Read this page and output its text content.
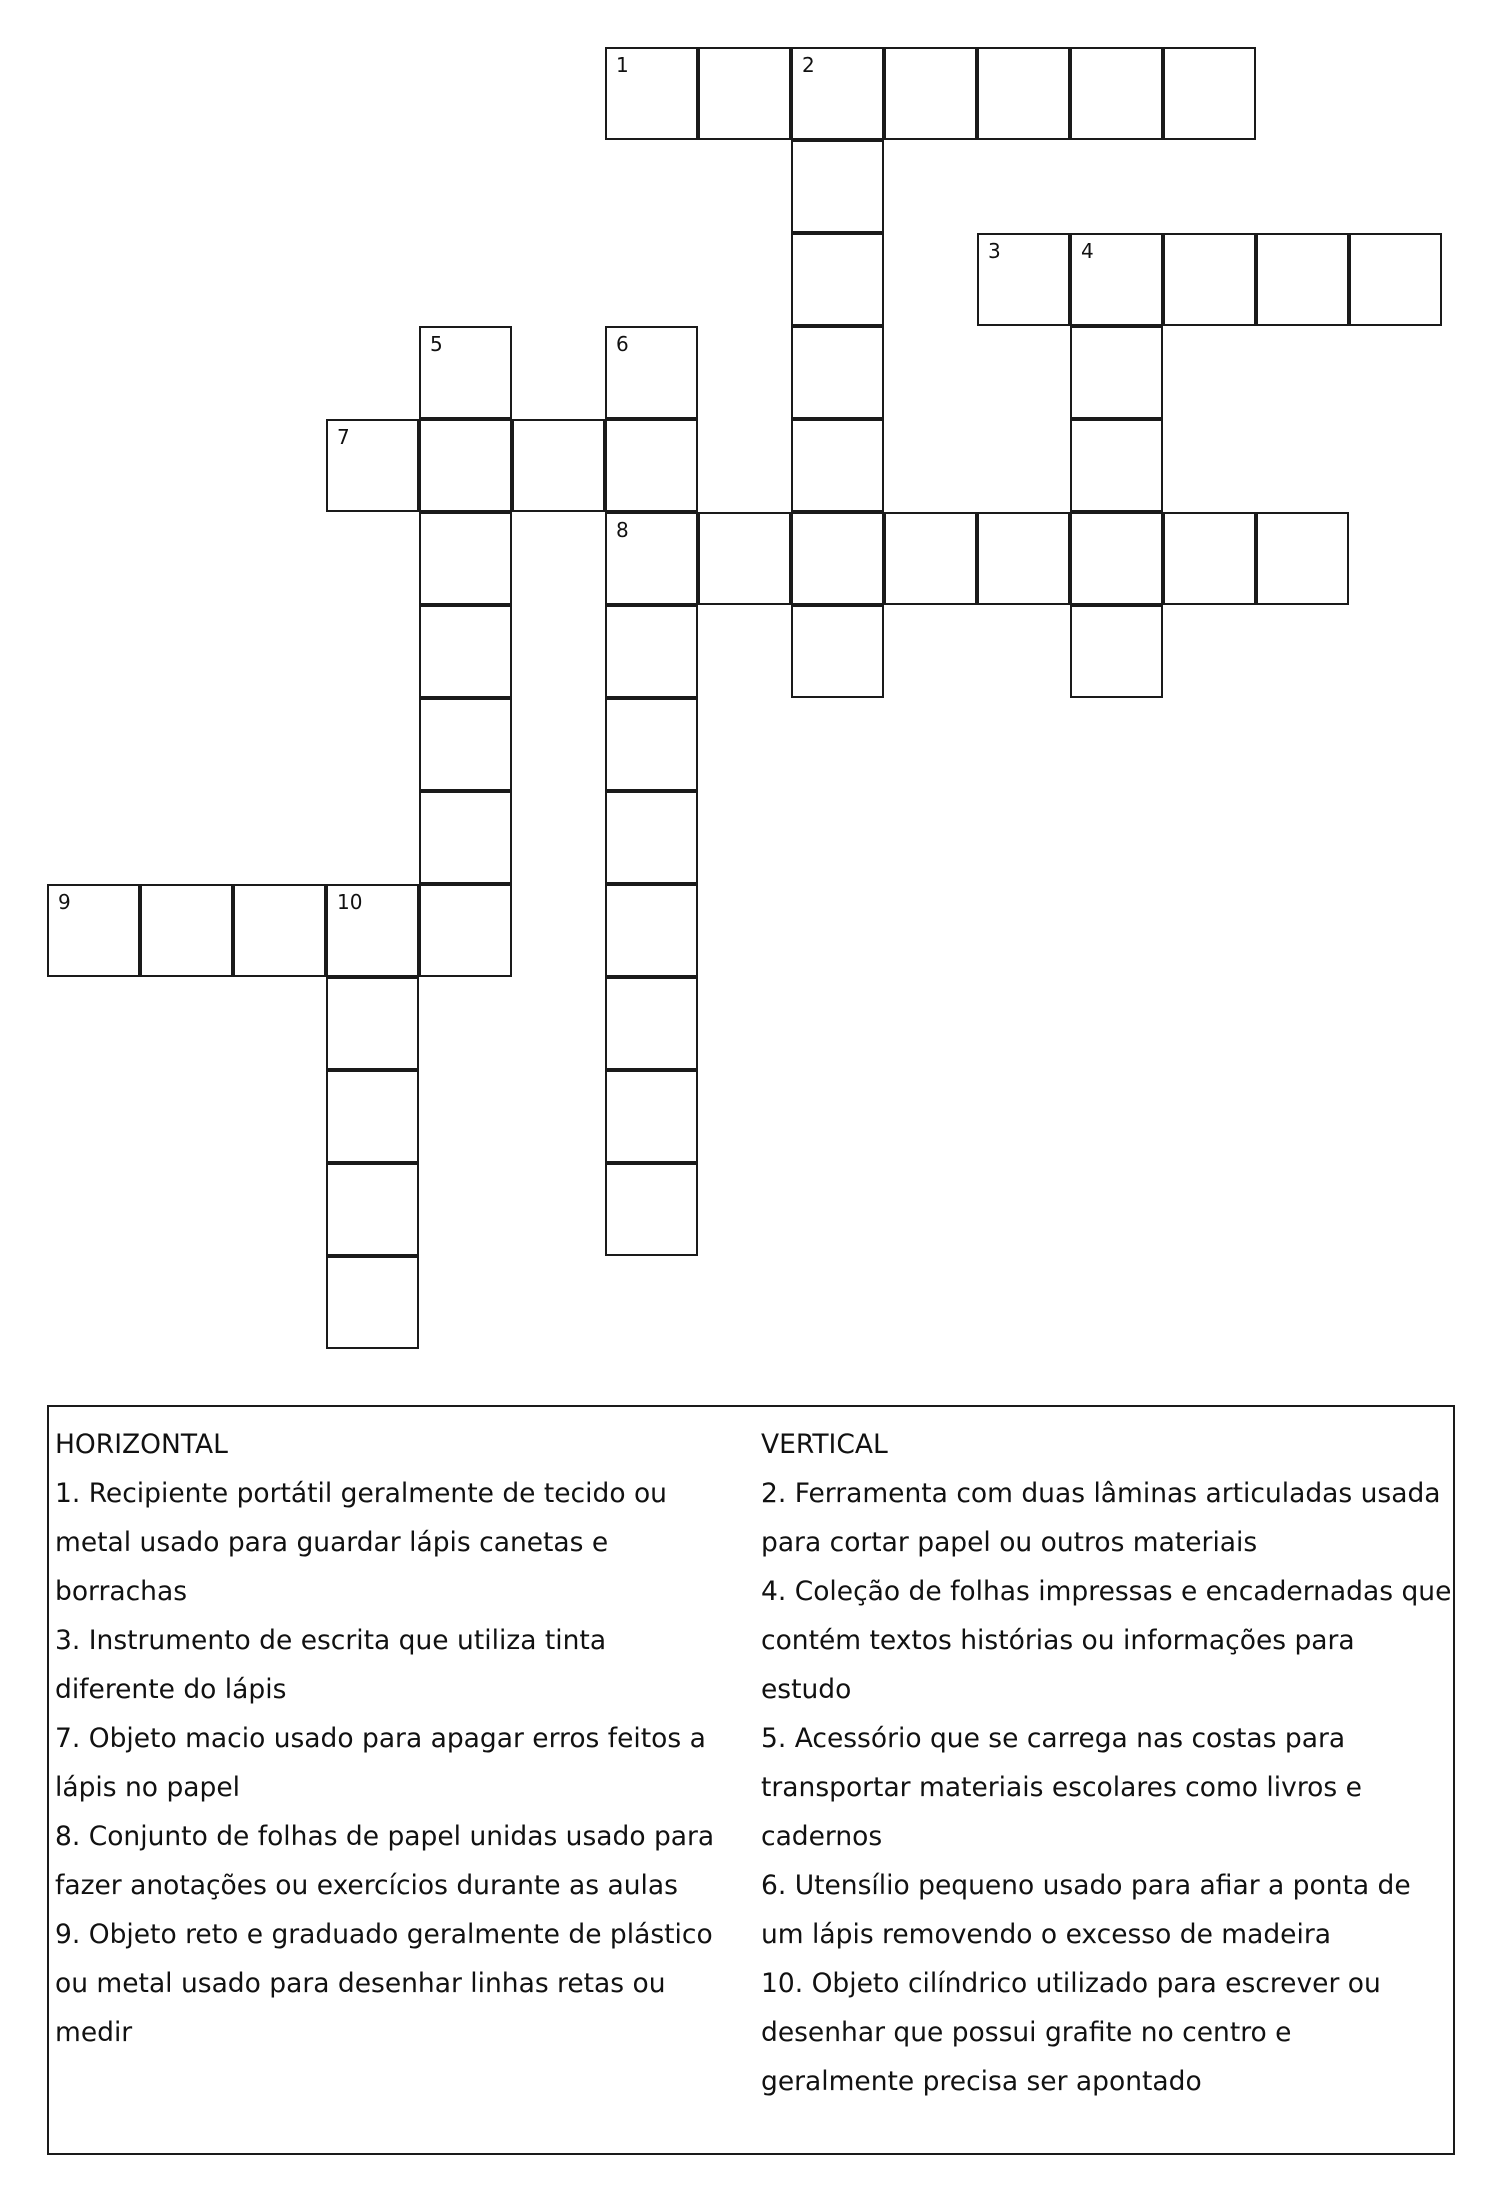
1	2
3	4
5	6
7
8
9	10
HORIZONTAL
1. Recipiente portátil geralmente de tecido ou
metal usado para guardar lápis canetas e
borrachas
3. Instrumento de escrita que utiliza tinta
diferente do lápis
7. Objeto macio usado para apagar erros feitos a
lápis no papel
8. Conjunto de folhas de papel unidas usado para
fazer anotações ou exercícios durante as aulas
9. Objeto reto e graduado geralmente de plástico
ou metal usado para desenhar linhas retas ou
medir
VERTICAL
2. Ferramenta com duas lâminas articuladas usada
para cortar papel ou outros materiais
4. Coleção de folhas impressas e encadernadas que
contém textos histórias ou informações para
estudo
5. Acessório que se carrega nas costas para
transportar materiais escolares como livros e
cadernos
6. Utensílio pequeno usado para afiar a ponta de
um lápis removendo o excesso de madeira
10. Objeto cilíndrico utilizado para escrever ou
desenhar que possui grafite no centro e
geralmente precisa ser apontado
